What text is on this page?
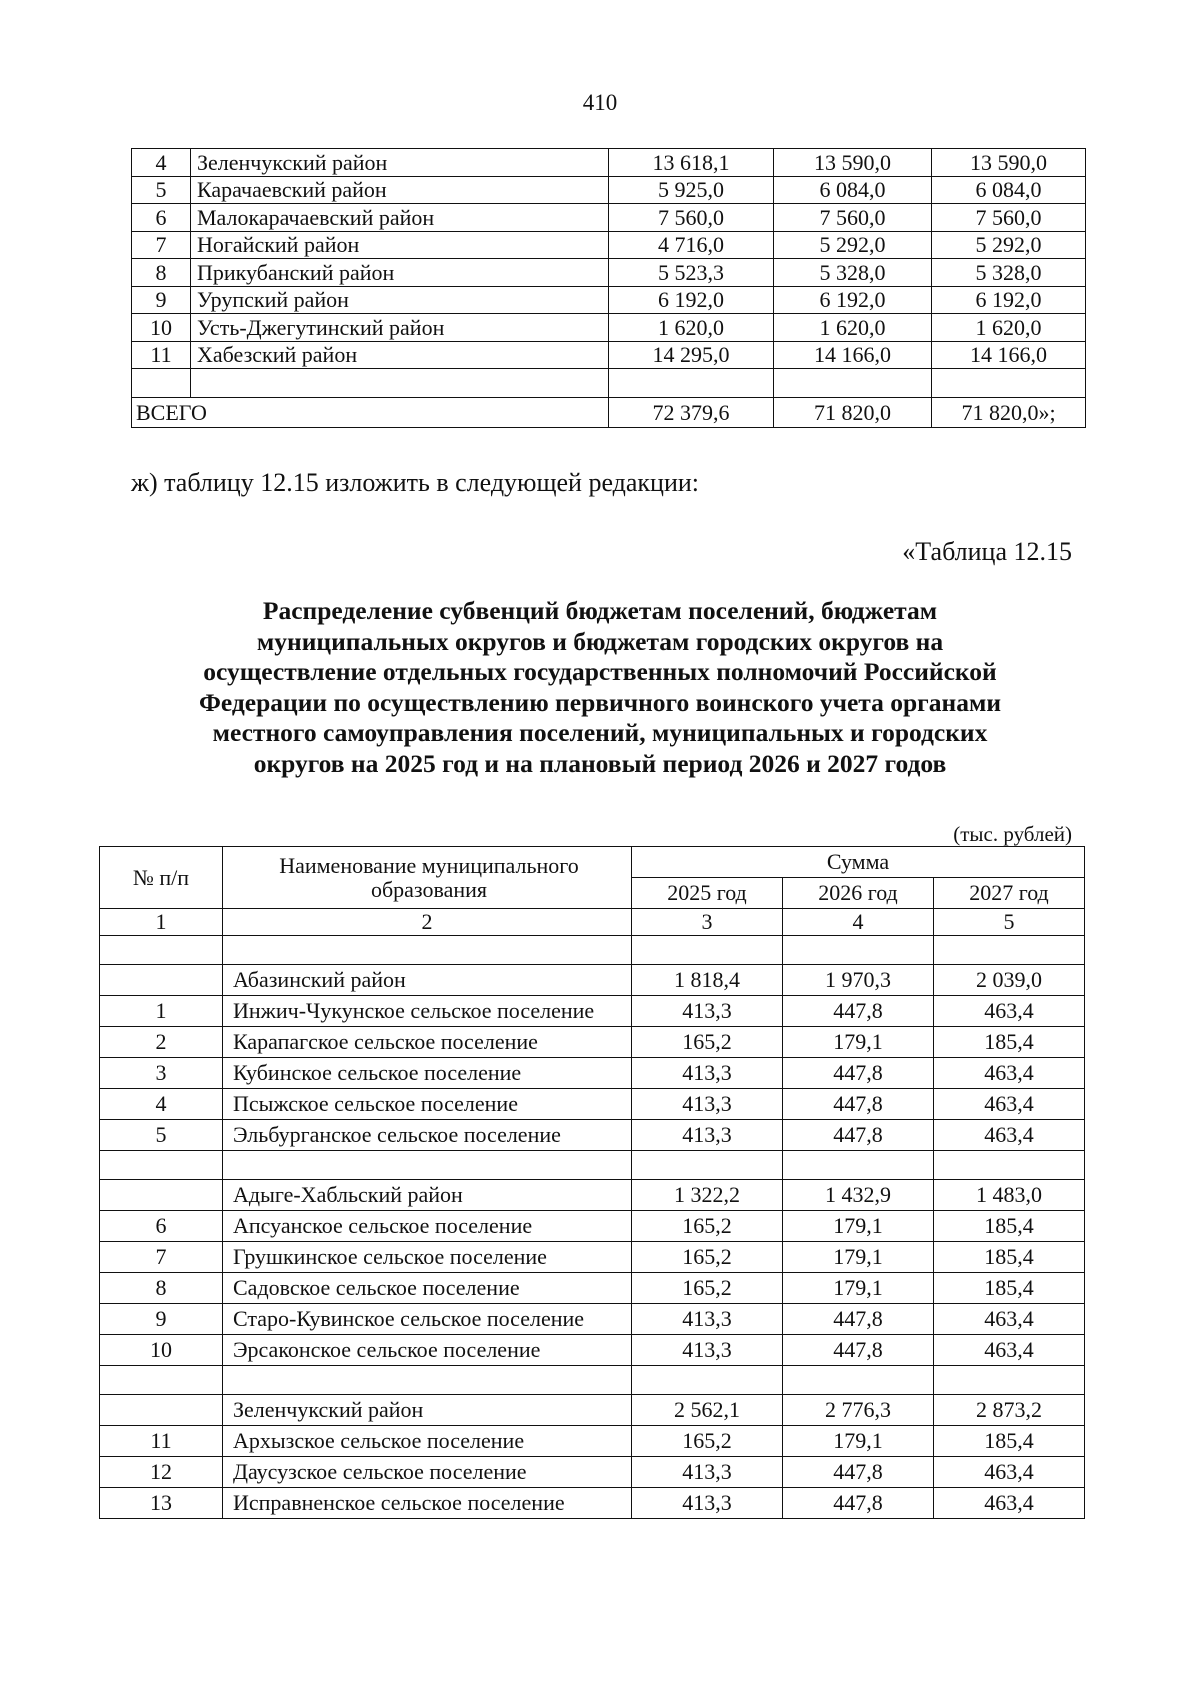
410
4	Зеленчукский район	13 618,1	13 590,0	13 590,0
5	Карачаевский район	5 925,0	6 084,0	6 084,0
6	Малокарачаевский район	7 560,0	7 560,0	7 560,0
7	Ногайский район	4 716,0	5 292,0	5 292,0
8	Прикубанский район	5 523,3	5 328,0	5 328,0
9	Урупский район	6 192,0	6 192,0	6 192,0
10	Усть-Джегутинский район	1 620,0	1 620,0	1 620,0
11	Хабезский район	14 295,0	14 166,0	14 166,0

ВСЕГО		72 379,6	71 820,0	71 820,0»;
ж) таблицу 12.15 изложить в следующей редакции:
«Таблица 12.15
Распределение субвенций бюджетам поселений, бюджетам
муниципальных округов и бюджетам городских округов на
осуществление отдельных государственных полномочий Российской
Федерации по осуществлению первичного воинского учета органами
местного самоуправления поселений, муниципальных и городских
округов на 2025 год и на плановый период 2026 и 2027 годов
(тыс. рублей)
№ п/п	Наименование муниципального образования	Сумма		
		2025 год	2026 год	2027 год
1	2	3	4	5

	Абазинский район	1 818,4	1 970,3	2 039,0
1	Инжич-Чукунское сельское поселение	413,3	447,8	463,4
2	Карапагское сельское поселение	165,2	179,1	185,4
3	Кубинское сельское поселение	413,3	447,8	463,4
4	Псыжское сельское поселение	413,3	447,8	463,4
5	Эльбурганское сельское поселение	413,3	447,8	463,4

	Адыге-Хабльский район	1 322,2	1 432,9	1 483,0
6	Апсуанское сельское поселение	165,2	179,1	185,4
7	Грушкинское сельское поселение	165,2	179,1	185,4
8	Садовское сельское поселение	165,2	179,1	185,4
9	Старо-Кувинское сельское поселение	413,3	447,8	463,4
10	Эрсаконское сельское поселение	413,3	447,8	463,4

	Зеленчукский район	2 562,1	2 776,3	2 873,2
11	Архызское сельское поселение	165,2	179,1	185,4
12	Даусузское сельское поселение	413,3	447,8	463,4
13	Исправненское сельское поселение	413,3	447,8	463,4
